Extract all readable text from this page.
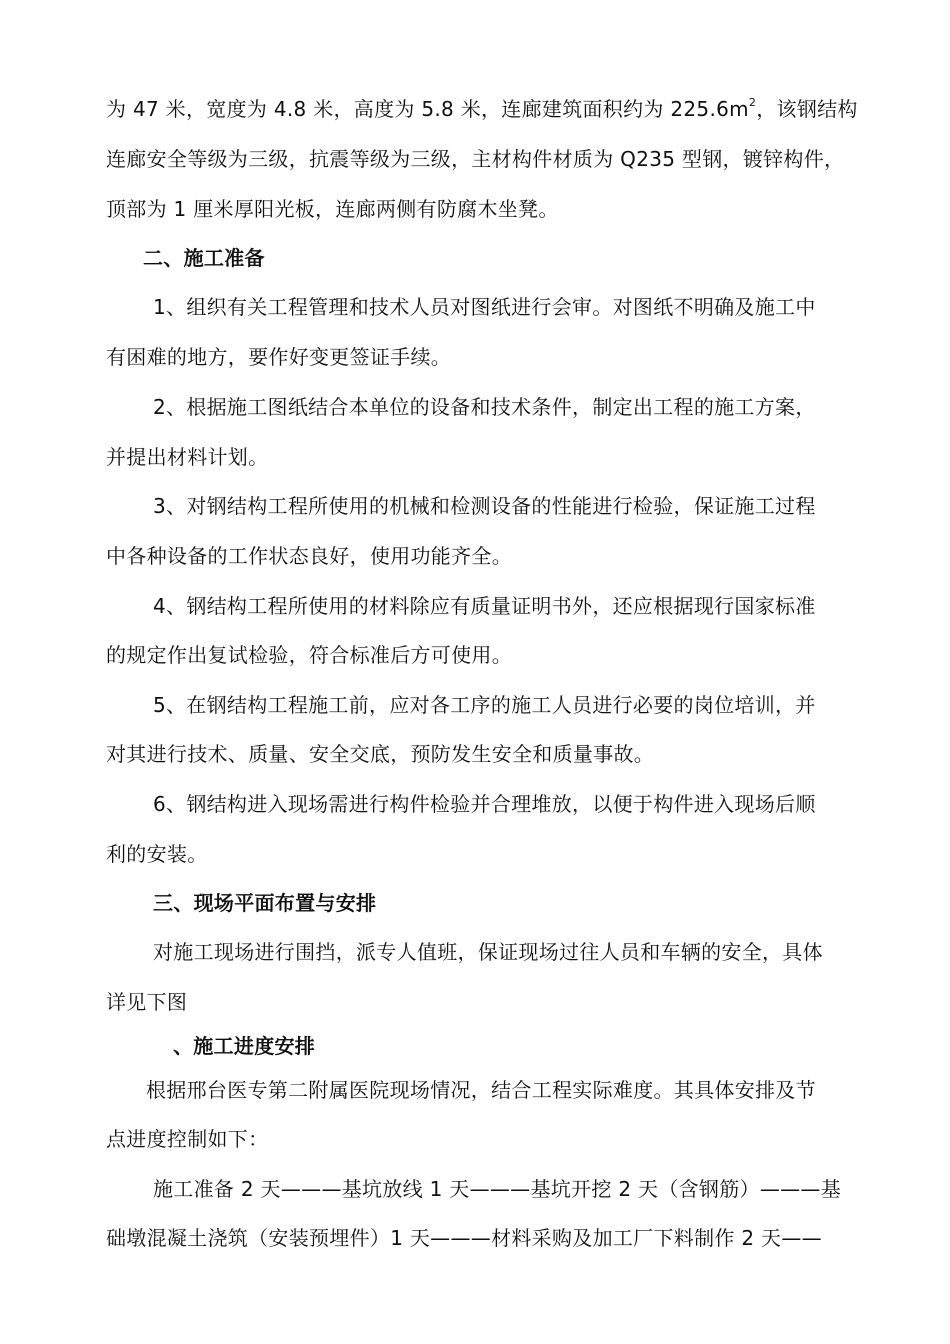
为 47 米，宽度为 4.8 米，高度为 5.8 米，连廊建筑面积约为 $225.6m^2$，该钢结构
连廊安全等级为三级，抗震等级为三级，主材构件材质为 Q235 型钢，镀锌构件，
顶部为 1 厘米厚阳光板，连廊两侧有防腐木坐凳。
二、施工准备
1、组织有关工程管理和技术人员对图纸进行会审。对图纸不明确及施工中
有困难的地方，要作好变更签证手续。
2、根据施工图纸结合本单位的设备和技术条件，制定出工程的施工方案，
并提出材料计划。
3、对钢结构工程所使用的机械和检测设备的性能进行检验，保证施工过程
中各种设备的工作状态良好，使用功能齐全。
4、钢结构工程所使用的材料除应有质量证明书外，还应根据现行国家标准
的规定作出复试检验，符合标准后方可使用。
5、在钢结构工程施工前，应对各工序的施工人员进行必要的岗位培训，并
对其进行技术、质量、安全交底，预防发生安全和质量事故。
6、钢结构进入现场需进行构件检验并合理堆放，以便于构件进入现场后顺
利的安装。
三、现场平面布置与安排
对施工现场进行围挡，派专人值班，保证现场过往人员和车辆的安全，具体
详见下图
、施工进度安排
根据邢台医专第二附属医院现场情况，结合工程实际难度。其具体安排及节
点进度控制如下：
施工准备 2 天———基坑放线 1 天———基坑开挖 2 天（含钢筋）———基
础墩混凝土浇筑（安装预埋件）1 天———材料采购及加工厂下料制作 2 天——
